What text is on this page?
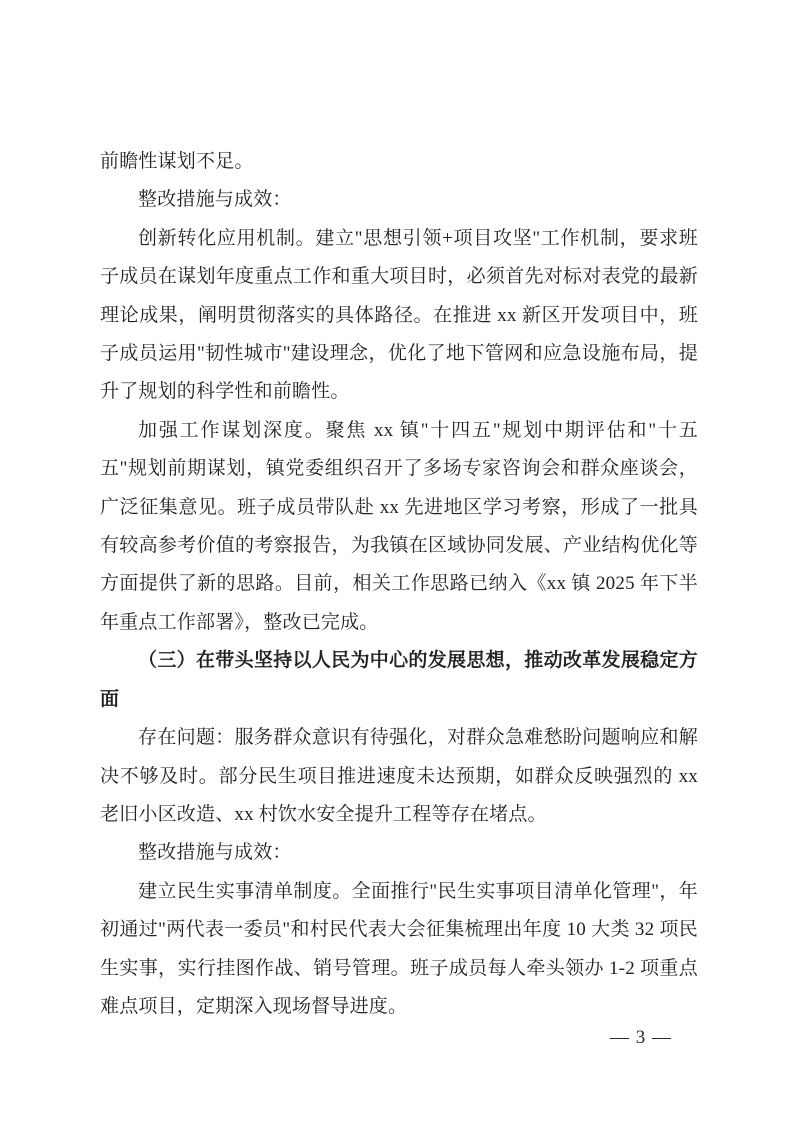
前瞻性谋划不足。

整改措施与成效：

创新转化应用机制。建立"思想引领+项目攻坚"工作机制，要求班子成员在谋划年度重点工作和重大项目时，必须首先对标对表党的最新理论成果，阐明贯彻落实的具体路径。在推进 xx 新区开发项目中，班子成员运用"韧性城市"建设理念，优化了地下管网和应急设施布局，提升了规划的科学性和前瞻性。

加强工作谋划深度。聚焦 xx 镇"十四五"规划中期评估和"十五五"规划前期谋划，镇党委组织召开了多场专家咨询会和群众座谈会，广泛征集意见。班子成员带队赴 xx 先进地区学习考察，形成了一批具有较高参考价值的考察报告，为我镇在区域协同发展、产业结构优化等方面提供了新的思路。目前，相关工作思路已纳入《xx 镇 2025 年下半年重点工作部署》，整改已完成。

（三）在带头坚持以人民为中心的发展思想，推动改革发展稳定方面

存在问题：服务群众意识有待强化，对群众急难愁盼问题响应和解决不够及时。部分民生项目推进速度未达预期，如群众反映强烈的 xx 老旧小区改造、xx 村饮水安全提升工程等存在堵点。

整改措施与成效：

建立民生实事清单制度。全面推行"民生实事项目清单化管理"，年初通过"两代表一委员"和村民代表大会征集梳理出年度 10 大类 32 项民生实事，实行挂图作战、销号管理。班子成员每人牵头领办 1-2 项重点难点项目，定期深入现场督导进度。

— 3 —
